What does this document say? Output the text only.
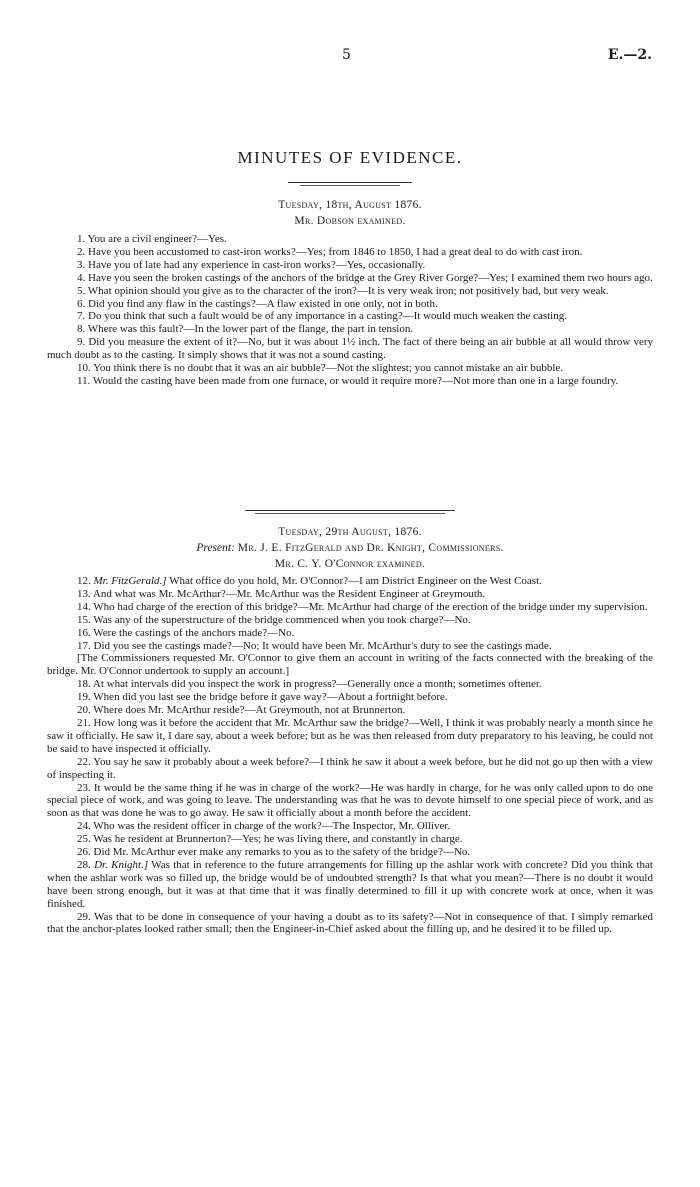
5	E.—2.
MINUTES OF EVIDENCE.
Tuesday, 18th, August 1876.
Mr. Dobson examined.

1. You are a civil engineer?—Yes.

2. Have you been accustomed to cast-iron works?—Yes; from 1846 to 1850, I had a great deal to do with cast iron.

3. Have you of late had any experience in cast-iron works?—Yes, occasionally.

4. Have you seen the broken castings of the anchors of the bridge at the Grey River Gorge?—Yes; I examined them two hours ago.

5. What opinion should you give as to the character of the iron?—It is very weak iron; not positively bad, but very weak.

6. Did you find any flaw in the castings?—A flaw existed in one only, not in both.

7. Do you think that such a fault would be of any importance in a casting?—It would much weaken the casting.

8. Where was this fault?—In the lower part of the flange, the part in tension.

9. Did you measure the extent of it?—No, but it was about 1½ inch. The fact of there being an air bubble at all would throw very much doubt as to the casting. It simply shows that it was not a sound casting.

10. You think there is no doubt that it was an air bubble?—Not the slightest; you cannot mistake an air bubble.

11. Would the casting have been made from one furnace, or would it require more?—Not more than one in a large foundry.

Tuesday, 29th August, 1876.
Present: Mr. J. E. FitzGerald and Dr. Knight, Commissioners.
Mr. C. Y. O'Connor examined.

12. Mr. FitzGerald.] What office do you hold, Mr. O'Connor?—I am District Engineer on the West Coast.

13. And what was Mr. McArthur?—Mr. McArthur was the Resident Engineer at Greymouth.

14. Who had charge of the erection of this bridge?—Mr. McArthur had charge of the erection of the bridge under my supervision.

15. Was any of the superstructure of the bridge commenced when you took charge?—No.

16. Were the castings of the anchors made?—No.

17. Did you see the castings made?—No; It would have been Mr. McArthur's duty to see the castings made.

[The Commissioners requested Mr. O'Connor to give them an account in writing of the facts connected with the breaking of the bridge. Mr. O'Connor undertook to supply an account.]

18. At what intervals did you inspect the work in progress?—Generally once a month; sometimes oftener.

19. When did you last see the bridge before it gave way?—About a fortnight before.

20. Where does Mr. McArthur reside?—At Greymouth, not at Brunnerton.

21. How long was it before the accident that Mr. McArthur saw the bridge?—Well, I think it was probably nearly a month since he saw it officially. He saw it, I dare say, about a week before; but as he was then released from duty preparatory to his leaving, he could not be said to have inspected it officially.

22. You say he saw it probably about a week before?—I think he saw it about a week before, but he did not go up then with a view of inspecting it.

23. It would be the same thing if he was in charge of the work?—He was hardly in charge, for he was only called upon to do one special piece of work, and was going to leave. The understanding was that he was to devote himself to one special piece of work, and as soon as that was done he was to go away. He saw it officially about a month before the accident.

24. Who was the resident officer in charge of the work?—The Inspector, Mr. Olliver.

25. Was he resident at Brunnerton?—Yes; he was living there, and constantly in charge.

26. Did Mr. McArthur ever make any remarks to you as to the safety of the bridge?—No.

28. Dr. Knight.] Was that in reference to the future arrangements for filling up the ashlar work with concrete? Did you think that when the ashlar work was so filled up, the bridge would be of undoubted strength? Is that what you mean?—There is no doubt it would have been strong enough, but it was at that time that it was finally determined to fill it up with concrete work at once, when it was finished.

29. Was that to be done in consequence of your having a doubt as to its safety?—Not in consequence of that. I simply remarked that the anchor-plates looked rather small; then the Engineer-in-Chief asked about the filling up, and he desired it to be filled up.
